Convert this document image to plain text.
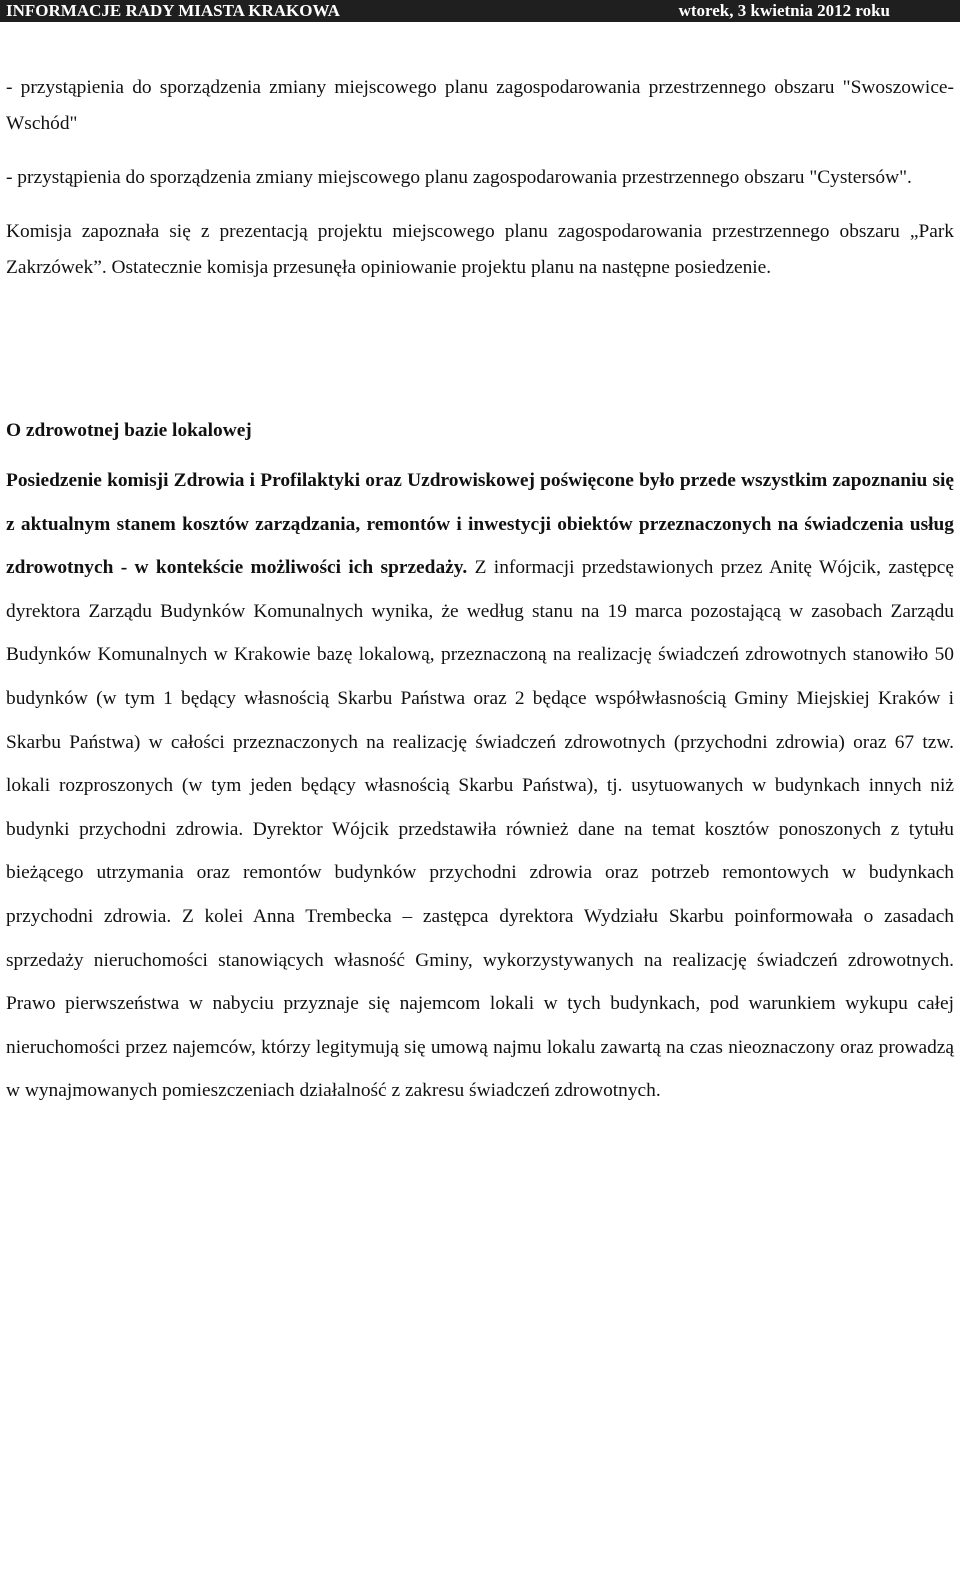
INFORMACJE RADY MIASTA KRAKOWA	wtorek, 3 kwietnia 2012 roku

- przystąpienia do sporządzenia zmiany miejscowego planu zagospodarowania przestrzennego obszaru "Swoszowice-Wschód"

- przystąpienia do sporządzenia zmiany miejscowego planu zagospodarowania przestrzennego obszaru "Cystersów".

Komisja zapoznała się z prezentacją projektu miejscowego planu zagospodarowania przestrzennego obszaru „Park Zakrzówek”. Ostatecznie komisja przesunęła opiniowanie projektu planu na następne posiedzenie.

O zdrowotnej bazie lokalowej

Posiedzenie komisji Zdrowia i Profilaktyki oraz Uzdrowiskowej poświęcone było przede wszystkim zapoznaniu się z aktualnym stanem kosztów zarządzania, remontów i inwestycji obiektów przeznaczonych na świadczenia usług zdrowotnych - w kontekście możliwości ich sprzedaży. Z informacji przedstawionych przez Anitę Wójcik, zastępcę dyrektora Zarządu Budynków Komunalnych wynika, że według stanu na 19 marca pozostającą w zasobach Zarządu Budynków Komunalnych w Krakowie bazę lokalową, przeznaczoną na realizację świadczeń zdrowotnych stanowiło 50 budynków (w tym 1 będący własnością Skarbu Państwa oraz 2 będące współwłasnością Gminy Miejskiej Kraków i Skarbu Państwa) w całości przeznaczonych na realizację świadczeń zdrowotnych (przychodni zdrowia) oraz 67 tzw. lokali rozproszonych (w tym jeden będący własnością Skarbu Państwa), tj. usytuowanych w budynkach innych niż budynki przychodni zdrowia. Dyrektor Wójcik przedstawiła również dane na temat kosztów ponoszonych z tytułu bieżącego utrzymania oraz remontów budynków przychodni zdrowia oraz potrzeb remontowych w budynkach przychodni zdrowia. Z kolei Anna Trembecka – zastępca dyrektora Wydziału Skarbu poinformowała o zasadach sprzedaży nieruchomości stanowiących własność Gminy, wykorzystywanych na realizację świadczeń zdrowotnych. Prawo pierwszeństwa w nabyciu przyznaje się najemcom lokali w tych budynkach, pod warunkiem wykupu całej nieruchomości przez najemców, którzy legitymują się umową najmu lokalu zawartą na czas nieoznaczony oraz prowadzą w wynajmowanych pomieszczeniach działalność z zakresu świadczeń zdrowotnych.
